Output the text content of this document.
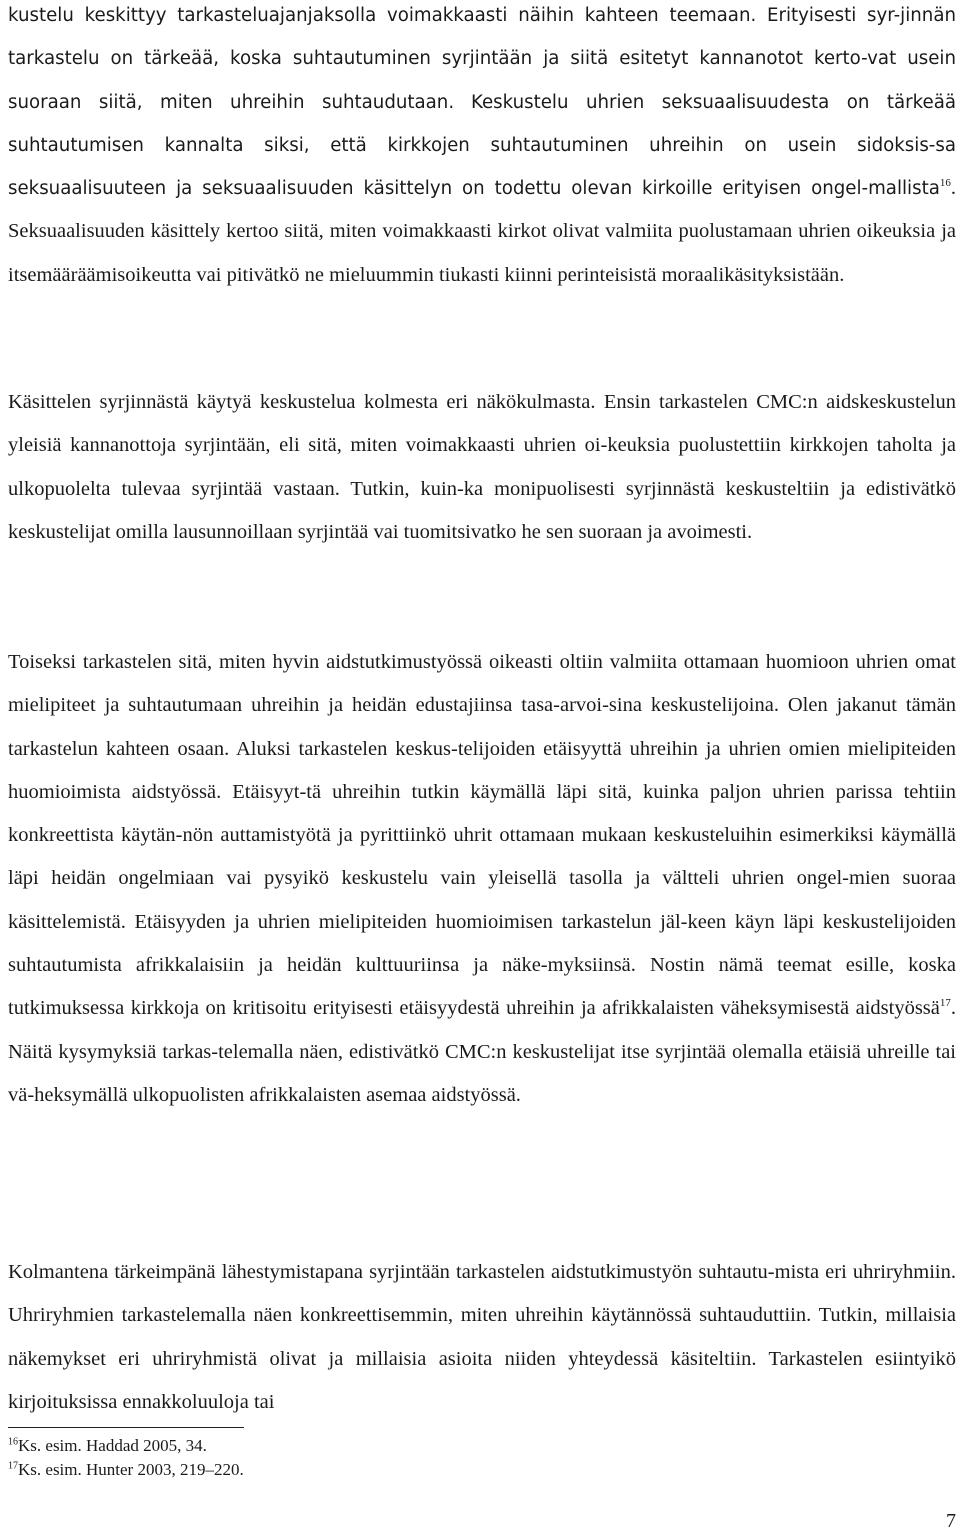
kustelu keskittyy tarkasteluajanjaksolla voimakkaasti näihin kahteen teemaan. Erityisesti syr-jinnän tarkastelu on tärkeää, koska suhtautuminen syrjintään ja siitä esitetyt kannanotot kerto-vat usein suoraan siitä, miten uhreihin suhtaudutaan. Keskustelu uhrien seksuaalisuudesta on tärkeää suhtautumisen kannalta siksi, että kirkkojen suhtautuminen uhreihin on usein sidoksis-sa seksuaalisuuteen ja seksuaalisuuden käsittelyn on todettu olevan kirkoille erityisen ongel-mallista$^{16}$. Seksuaalisuuden käsittely kertoo siitä, miten voimakkaasti kirkot olivat valmiita puolustamaan uhrien oikeuksia ja itsemääräämisoikeutta vai pitivätkö ne mieluummin tiukasti kiinni perinteisistä moraalikäsityksistään.

Käsittelen syrjinnästä käytyä keskustelua kolmesta eri näkökulmasta. Ensin tarkastelen CMC:n aidskeskustelun yleisiä kannanottoja syrjintään, eli sitä, miten voimakkaasti uhrien oi-keuksia puolustettiin kirkkojen taholta ja ulkopuolelta tulevaa syrjintää vastaan. Tutkin, kuin-ka monipuolisesti syrjinnästä keskusteltiin ja edistivätkö keskustelijat omilla lausunnoillaan syrjintää vai tuomitsivatko he sen suoraan ja avoimesti.

Toiseksi tarkastelen sitä, miten hyvin aidstutkimustyössä oikeasti oltiin valmiita ottamaan huomioon uhrien omat mielipiteet ja suhtautumaan uhreihin ja heidän edustajiinsa tasa-arvoi-sina keskustelijoina. Olen jakanut tämän tarkastelun kahteen osaan. Aluksi tarkastelen keskus-telijoiden etäisyyttä uhreihin ja uhrien omien mielipiteiden huomioimista aidstyössä. Etäisyyt-tä uhreihin tutkin käymällä läpi sitä, kuinka paljon uhrien parissa tehtiin konkreettista käytän-nön auttamistyötä ja pyrittiinkö uhrit ottamaan mukaan keskusteluihin esimerkiksi käymällä läpi heidän ongelmiaan vai pysyikö keskustelu vain yleisellä tasolla ja vältteli uhrien ongel-mien suoraa käsittelemistä. Etäisyyden ja uhrien mielipiteiden huomioimisen tarkastelun jäl-keen käyn läpi keskustelijoiden suhtautumista afrikkalaisiin ja heidän kulttuuriinsa ja näke-myksiinsä. Nostin nämä teemat esille, koska tutkimuksessa kirkkoja on kritisoitu erityisesti etäisyydestä uhreihin ja afrikkalaisten väheksymisestä aidstyössä$^{17}$. Näitä kysymyksiä tarkas-telemalla näen, edistivätkö CMC:n keskustelijat itse syrjintää olemalla etäisiä uhreille tai vä-heksymällä ulkopuolisten afrikkalaisten asemaa aidstyössä.

Kolmantena tärkeimpänä lähestymistapana syrjintään tarkastelen aidstutkimustyön suhtautu-mista eri uhriryhmiin. Uhriryhmien tarkastelemalla näen konkreettisemmin, miten uhreihin käytännössä suhtauduttiin. Tutkin, millaisia näkemykset eri uhriryhmistä olivat ja millaisia asioita niiden yhteydessä käsiteltiin. Tarkastelen esiintyikö kirjoituksissa ennakkoluuloja tai

$^{16}$Ks. esim. Haddad 2005, 34.
$^{17}$Ks. esim. Hunter 2003, 219–220.
7
